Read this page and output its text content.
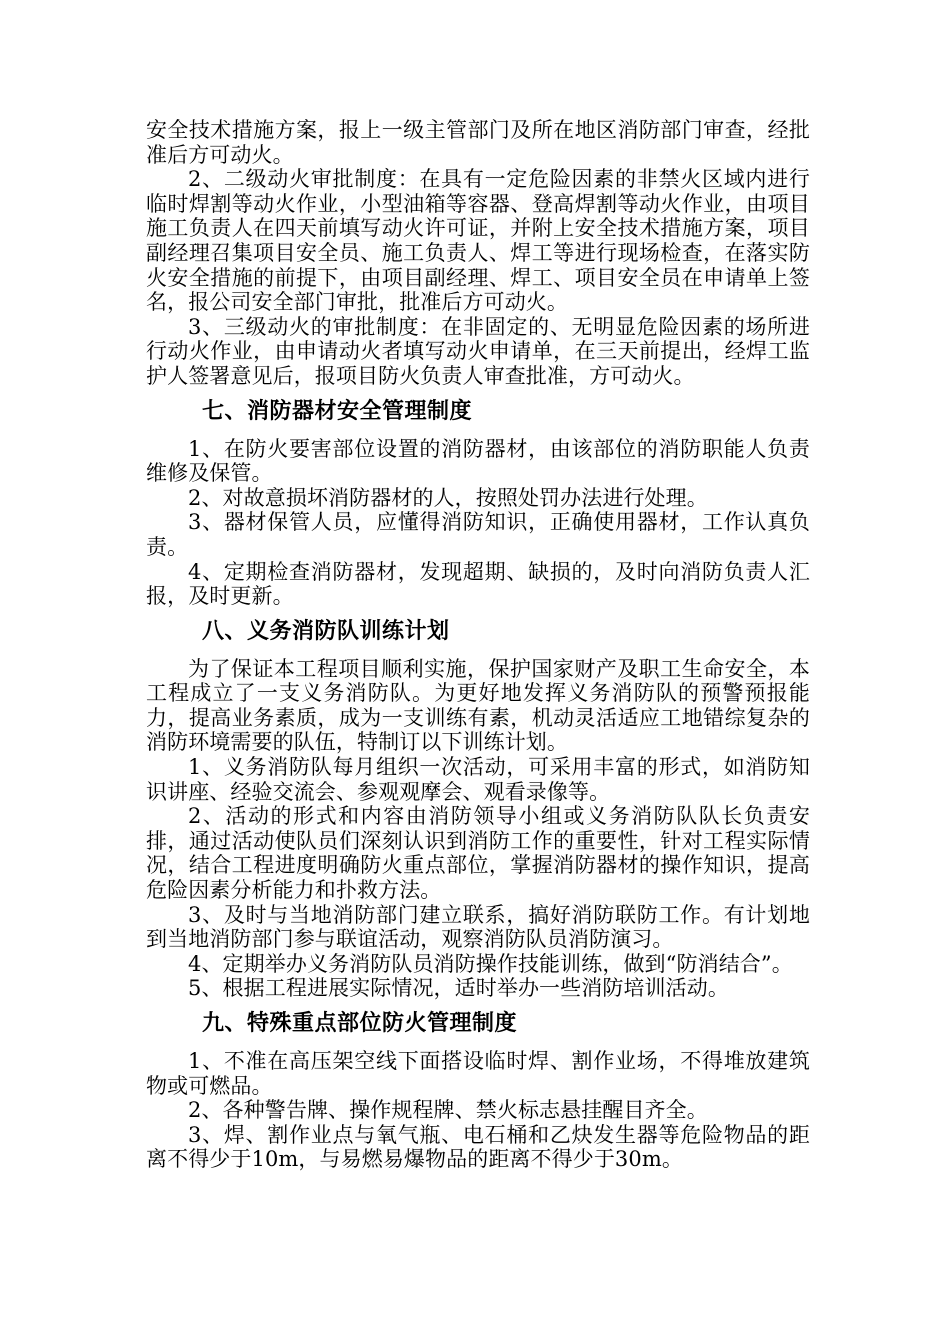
安全技术措施方案，报上一级主管部门及所在地区消防部门审查，经批准后方可动火。

2、二级动火审批制度：在具有一定危险因素的非禁火区域内进行临时焊割等动火作业，小型油箱等容器、登高焊割等动火作业，由项目施工负责人在四天前填写动火许可证，并附上安全技术措施方案，项目副经理召集项目安全员、施工负责人、焊工等进行现场检查，在落实防火安全措施的前提下，由项目副经理、焊工、项目安全员在申请单上签名，报公司安全部门审批，批准后方可动火。

3、三级动火的审批制度：在非固定的、无明显危险因素的场所进行动火作业，由申请动火者填写动火申请单，在三天前提出，经焊工监护人签署意见后，报项目防火负责人审查批准，方可动火。

七、消防器材安全管理制度

1、在防火要害部位设置的消防器材，由该部位的消防职能人负责维修及保管。

2、对故意损坏消防器材的人，按照处罚办法进行处理。

3、器材保管人员，应懂得消防知识，正确使用器材，工作认真负责。

4、定期检查消防器材，发现超期、缺损的，及时向消防负责人汇报，及时更新。

八、义务消防队训练计划

为了保证本工程项目顺利实施，保护国家财产及职工生命安全，本工程成立了一支义务消防队。为更好地发挥义务消防队的预警预报能力，提高业务素质，成为一支训练有素，机动灵活适应工地错综复杂的消防环境需要的队伍，特制订以下训练计划。

1、义务消防队每月组织一次活动，可采用丰富的形式，如消防知识讲座、经验交流会、参观观摩会、观看录像等。

2、活动的形式和内容由消防领导小组或义务消防队队长负责安排，通过活动使队员们深刻认识到消防工作的重要性，针对工程实际情况，结合工程进度明确防火重点部位，掌握消防器材的操作知识，提高危险因素分析能力和扑救方法。

3、及时与当地消防部门建立联系，搞好消防联防工作。有计划地到当地消防部门参与联谊活动，观察消防队员消防演习。

4、定期举办义务消防队员消防操作技能训练，做到“防消结合”。

5、根据工程进展实际情况，适时举办一些消防培训活动。

九、特殊重点部位防火管理制度

1、不准在高压架空线下面搭设临时焊、割作业场，不得堆放建筑物或可燃品。

2、各种警告牌、操作规程牌、禁火标志悬挂醒目齐全。

3、焊、割作业点与氧气瓶、电石桶和乙炔发生器等危险物品的距离不得少于10m，与易燃易爆物品的距离不得少于30m。
